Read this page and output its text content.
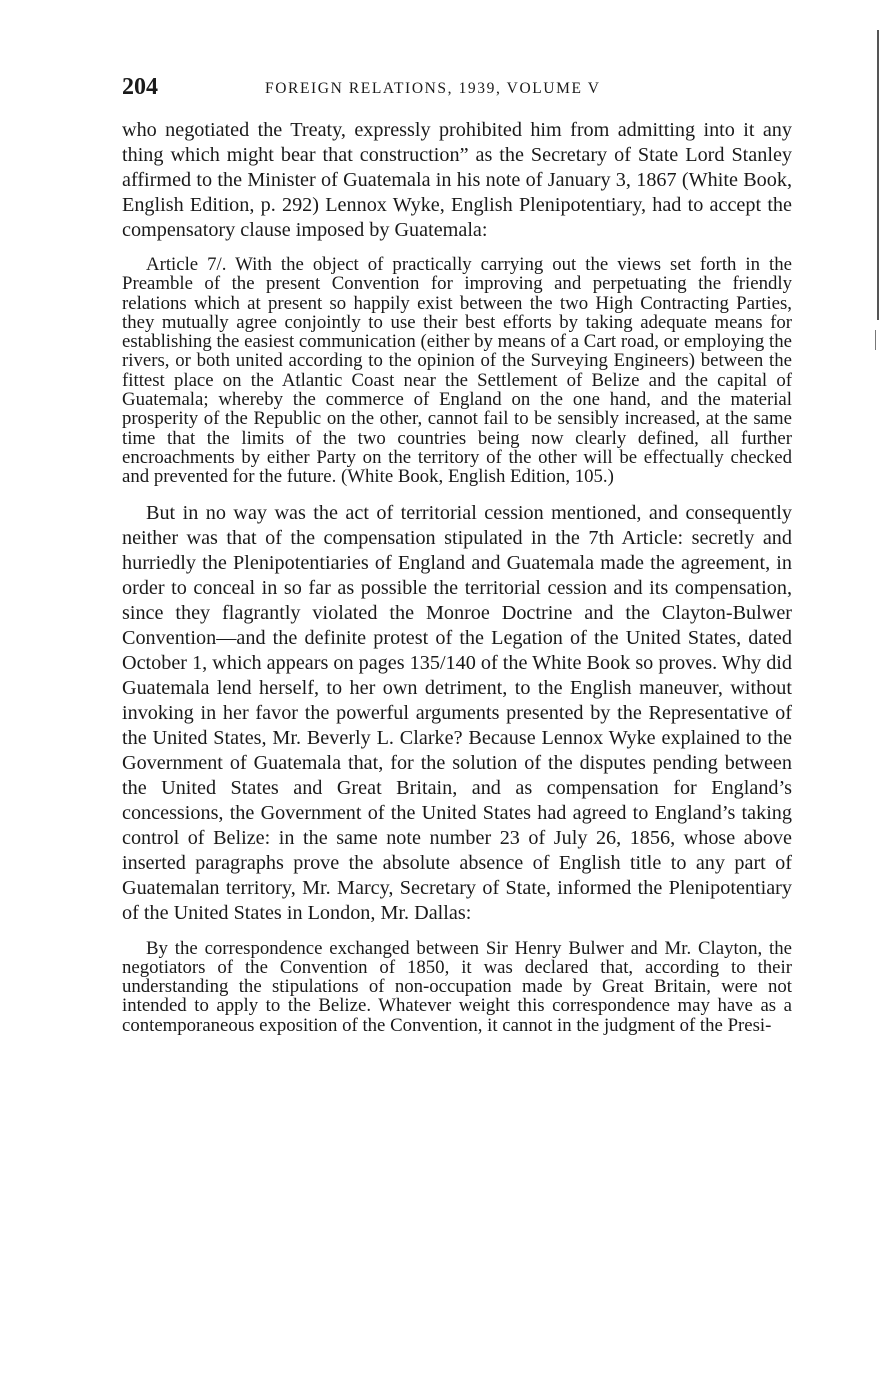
204	FOREIGN RELATIONS, 1939, VOLUME V

who negotiated the Treaty, expressly prohibited him from admitting into it any thing which might bear that construction” as the Secretary of State Lord Stanley affirmed to the Minister of Guatemala in his note of January 3, 1867 (White Book, English Edition, p. 292) Lennox Wyke, English Plenipotentiary, had to accept the compensatory clause imposed by Guatemala:

Article 7/. With the object of practically carrying out the views set forth in the Preamble of the present Convention for improving and perpetuating the friendly relations which at present so happily exist between the two High Contracting Parties, they mutually agree conjointly to use their best efforts by taking adequate means for establishing the easiest communication (either by means of a Cart road, or employing the rivers, or both united according to the opinion of the Surveying Engineers) between the fittest place on the Atlantic Coast near the Settlement of Belize and the capital of Guatemala; whereby the commerce of England on the one hand, and the material prosperity of the Republic on the other, cannot fail to be sensibly increased, at the same time that the limits of the two countries being now clearly defined, all further encroachments by either Party on the territory of the other will be effectually checked and prevented for the future. (White Book, English Edition, 105.)

But in no way was the act of territorial cession mentioned, and consequently neither was that of the compensation stipulated in the 7th Article: secretly and hurriedly the Plenipotentiaries of England and Guatemala made the agreement, in order to conceal in so far as possible the territorial cession and its compensation, since they flagrantly violated the Monroe Doctrine and the Clayton-Bulwer Convention—and the definite protest of the Legation of the United States, dated October 1, which appears on pages 135/140 of the White Book so proves. Why did Guatemala lend herself, to her own detriment, to the English maneuver, without invoking in her favor the powerful arguments presented by the Representative of the United States, Mr. Beverly L. Clarke? Because Lennox Wyke explained to the Government of Guatemala that, for the solution of the disputes pending between the United States and Great Britain, and as compensation for England’s concessions, the Government of the United States had agreed to England’s taking control of Belize: in the same note number 23 of July 26, 1856, whose above inserted paragraphs prove the absolute absence of English title to any part of Guatemalan territory, Mr. Marcy, Secretary of State, informed the Plenipotentiary of the United States in London, Mr. Dallas:

By the correspondence exchanged between Sir Henry Bulwer and Mr. Clayton, the negotiators of the Convention of 1850, it was declared that, according to their understanding the stipulations of non-occupation made by Great Britain, were not intended to apply to the Belize. Whatever weight this correspondence may have as a contemporaneous exposition of the Convention, it cannot in the judgment of the Presi-
